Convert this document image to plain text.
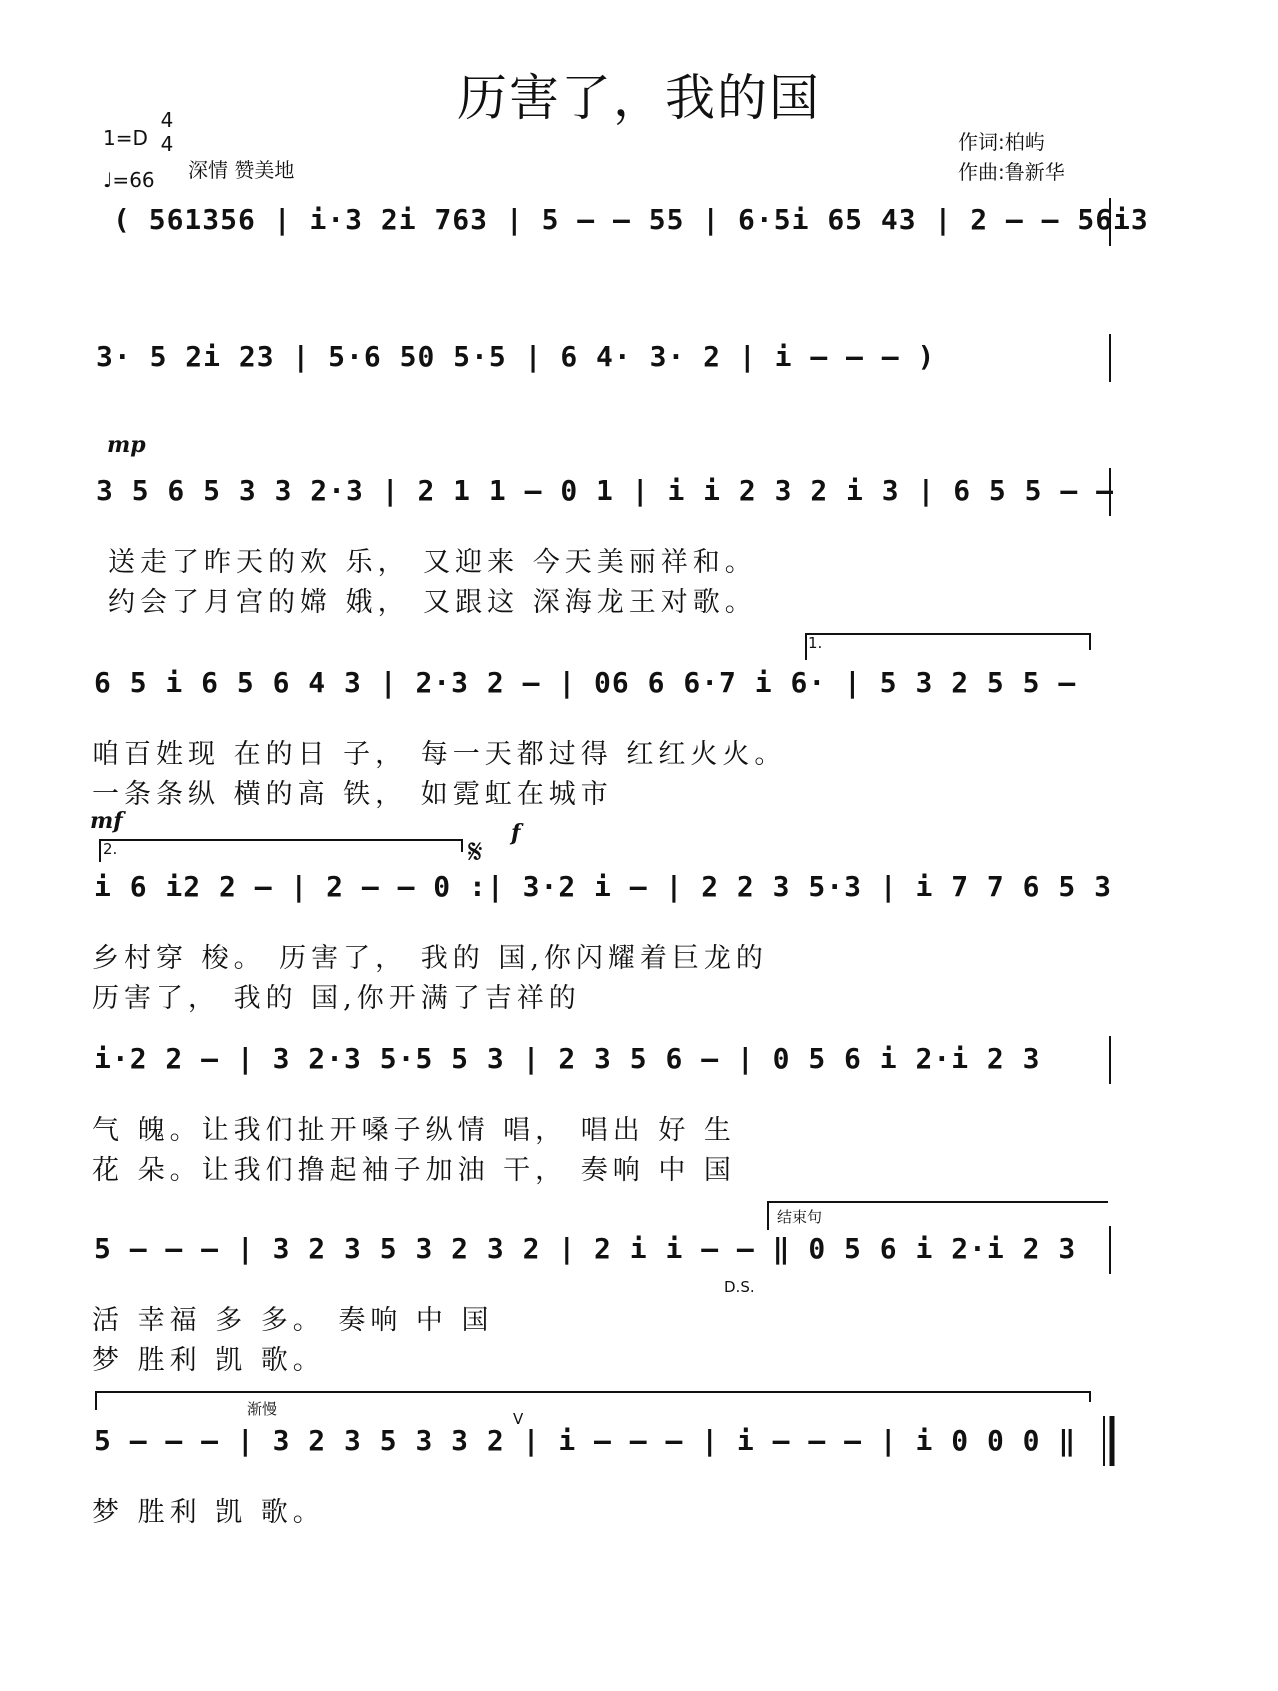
历害了，我的国
1=D
4
4
♩=66 深情 赞美地
作词:柏屿
作曲:鲁新华
mp
mf	f
𝄋
1.
2.
结束句
D.S.
渐慢
V
( 561356 | i·3 2i 763 | 5 – – 55 | 6·5i 65 43 | 2 – – 56i3
3· 5 2i 23 | 5·6 50 5·5 | 6 4· 3· 2 | i – – – )
3 5 6 5 3 3 2·3 | 2 1 1 – 0 1 | i i 2 3 2 i 3 | 6 5 5 – –
送走了昨天的欢 乐， 又迎来 今天美丽祥和。
约会了月宫的嫦 娥， 又跟这 深海龙王对歌。
6 5 i 6 5 6 4 3 | 2·3 2 – | 06 6 6·7 i 6· | 5 3 2 5 5 –
咱百姓现 在的日 子， 每一天都过得 红红火火。
一条条纵 横的高 铁， 如霓虹在城市
i 6 i2 2 – | 2 – – 0 :| 3·2 i – | 2 2 3 5·3 | i 7 7 6 5 3
乡村穿 梭。 历害了， 我的 国,你闪耀着巨龙的
历害了， 我的 国,你开满了吉祥的
i·2 2 – | 3 2·3 5·5 5 3 | 2 3 5 6 – | 0 5 6 i 2·i 2 3
气 魄。让我们扯开嗓子纵情 唱， 唱出 好 生
花 朵。让我们撸起袖子加油 干， 奏响 中 国
5 – – – | 3 2 3 5 3 2 3 2 | 2 i i – – ‖ 0 5 6 i 2·i 2 3
活 幸福 多 多。 奏响 中 国
梦 胜利 凯 歌。
5 – – – | 3 2 3 5 3 3 2 | i – – – | i – – – | i 0 0 0 ‖
梦 胜利 凯 歌。
